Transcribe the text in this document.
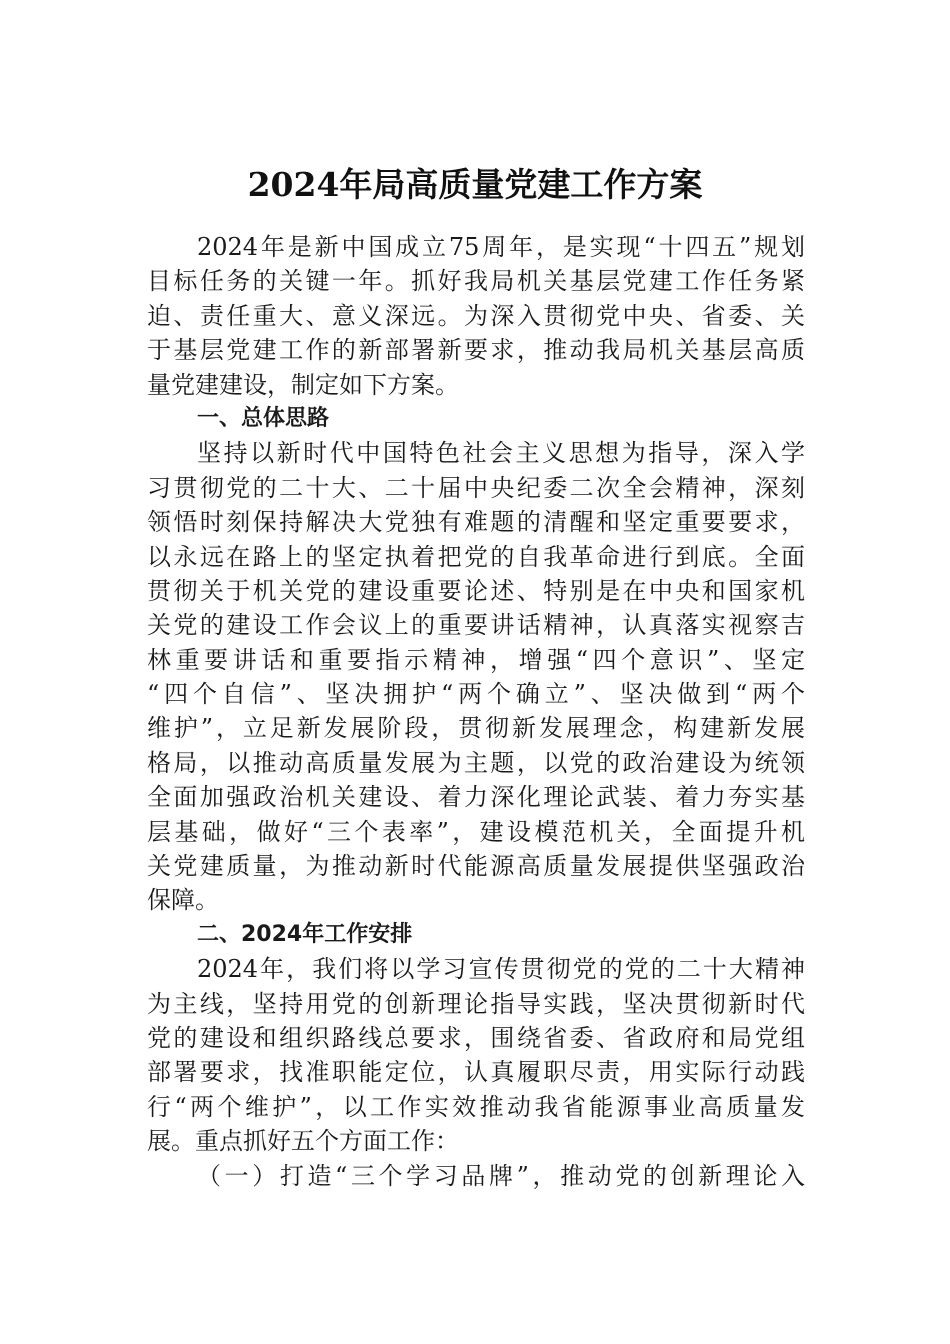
2024年局高质量党建工作方案
2024年是新中国成立75周年，是实现“十四五”规划
目标任务的关键一年。抓好我局机关基层党建工作任务紧
迫、责任重大、意义深远。为深入贯彻党中央、省委、关
于基层党建工作的新部署新要求，推动我局机关基层高质
量党建建设，制定如下方案。
一、总体思路
坚持以新时代中国特色社会主义思想为指导，深入学
习贯彻党的二十大、二十届中央纪委二次全会精神，深刻
领悟时刻保持解决大党独有难题的清醒和坚定重要要求，
以永远在路上的坚定执着把党的自我革命进行到底。全面
贯彻关于机关党的建设重要论述、特别是在中央和国家机
关党的建设工作会议上的重要讲话精神，认真落实视察吉
林重要讲话和重要指示精神，增强“四个意识”、坚定
“四个自信”、坚决拥护“两个确立”、坚决做到“两个
维护”，立足新发展阶段，贯彻新发展理念，构建新发展
格局，以推动高质量发展为主题，以党的政治建设为统领
全面加强政治机关建设、着力深化理论武装、着力夯实基
层基础，做好“三个表率”，建设模范机关，全面提升机
关党建质量，为推动新时代能源高质量发展提供坚强政治
保障。
二、2024年工作安排
2024年，我们将以学习宣传贯彻党的党的二十大精神
为主线，坚持用党的创新理论指导实践，坚决贯彻新时代
党的建设和组织路线总要求，围绕省委、省政府和局党组
部署要求，找准职能定位，认真履职尽责，用实际行动践
行“两个维护”，以工作实效推动我省能源事业高质量发
展。重点抓好五个方面工作：
（一）打造“三个学习品牌”，推动党的创新理论入
